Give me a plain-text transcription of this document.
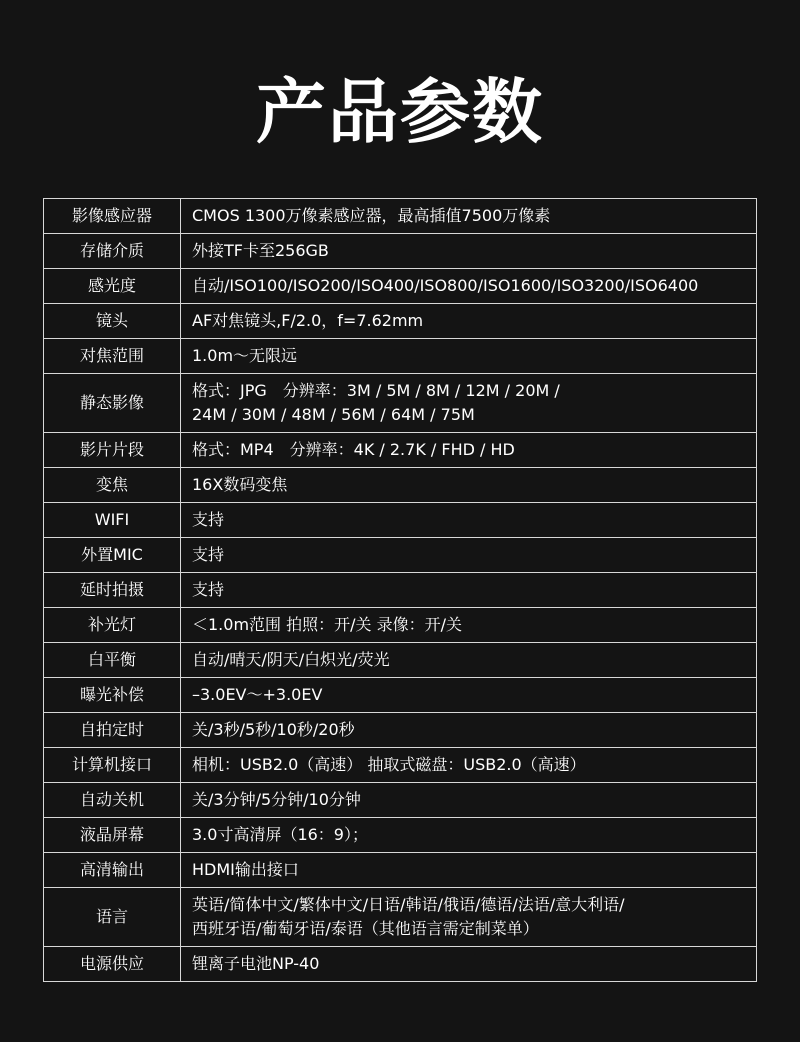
产品参数
影像感应器	CMOS 1300万像素感应器，最高插值7500万像素

存储介质	外接TF卡至256GB

感光度	自动/ISO100/ISO200/ISO400/ISO800/ISO1600/ISO3200/ISO6400

镜头	AF对焦镜头,F/2.0，f=7.62mm

对焦范围	1.0m～无限远

静态影像	格式：JPG　分辨率：3M / 5M / 8M / 12M / 20M /
24M / 30M / 48M / 56M / 64M / 75M

影片片段	格式：MP4　分辨率：4K / 2.7K / FHD / HD

变焦	16X数码变焦

WIFI	支持

外置MIC	支持

延时拍摄	支持

补光灯	＜1.0m范围 拍照：开/关 录像：开/关

白平衡	自动/晴天/阴天/白炽光/荧光

曝光补偿	–3.0EV～+3.0EV

自拍定时	关/3秒/5秒/10秒/20秒

计算机接口	相机：USB2.0（高速） 抽取式磁盘：USB2.0（高速）

自动关机	关/3分钟/5分钟/10分钟

液晶屏幕	3.0寸高清屏（16：9）；

高清输出	HDMI输出接口

语言	英语/简体中文/繁体中文/日语/韩语/俄语/德语/法语/意大利语/
西班牙语/葡萄牙语/泰语（其他语言需定制菜单）

电源供应	锂离子电池NP-40
